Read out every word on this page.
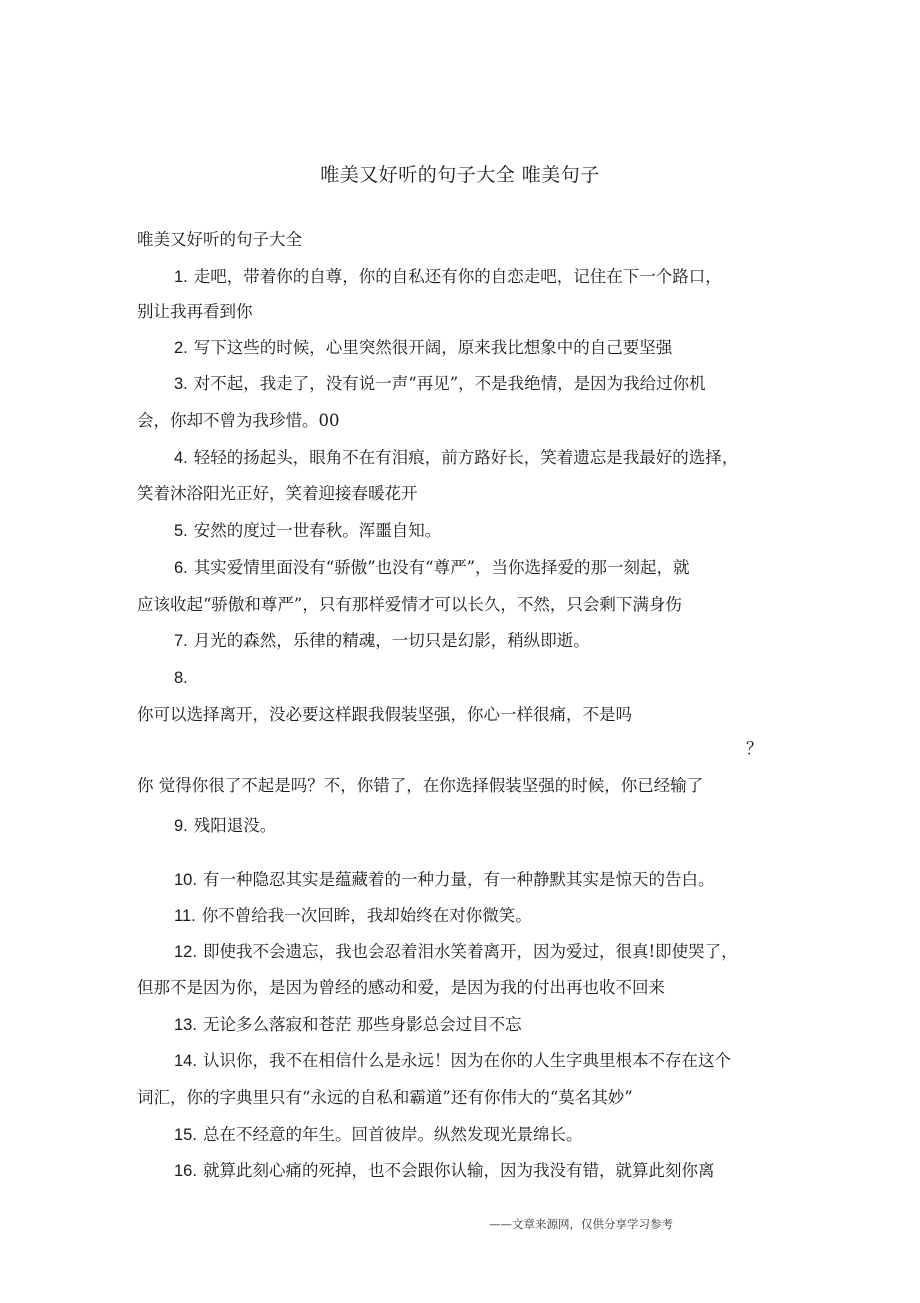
唯美又好听的句子大全 唯美句子
唯美又好听的句子大全
1. 走吧，带着你的自尊，你的自私还有你的自恋走吧，记住在下一个路口，
别让我再看到你
2. 写下这些的时候，心里突然很开阔，原来我比想象中的自己要坚强
3. 对不起，我走了，没有说一声“再见”，不是我绝情，是因为我给过你机
会，你却不曾为我珍惜。00
4. 轻轻的扬起头，眼角不在有泪痕，前方路好长，笑着遗忘是我最好的选择，
笑着沐浴阳光正好，笑着迎接春暖花开
5. 安然的度过一世春秋。浑噩自知。
6. 其实爱情里面没有“骄傲”也没有“尊严”，当你选择爱的那一刻起，就
应该收起“骄傲和尊严”，只有那样爱情才可以长久，不然，只会剩下满身伤
7. 月光的森然，乐律的精魂，一切只是幻影，稍纵即逝。
8.
你可以选择离开，没必要这样跟我假装坚强，你心一样很痛，不是吗
？
你 觉得你很了不起是吗？不，你错了，在你选择假装坚强的时候，你已经输了
9. 残阳退没。
10. 有一种隐忍其实是蕴藏着的一种力量，有一种静默其实是惊天的告白。
11. 你不曾给我一次回眸，我却始终在对你微笑。
12. 即使我不会遗忘，我也会忍着泪水笑着离开，因为爱过，很真!即使哭了，
但那不是因为你，是因为曾经的感动和爱，是因为我的付出再也收不回来
13. 无论多么落寂和苍茫 那些身影总会过目不忘
14. 认识你，我不在相信什么是永远！因为在你的人生字典里根本不存在这个
词汇，你的字典里只有“永远的自私和霸道”还有你伟大的“莫名其妙”
15. 总在不经意的年生。回首彼岸。纵然发现光景绵长。
16. 就算此刻心痛的死掉，也不会跟你认输，因为我没有错，就算此刻你离
——文章来源网，仅供分享学习参考
